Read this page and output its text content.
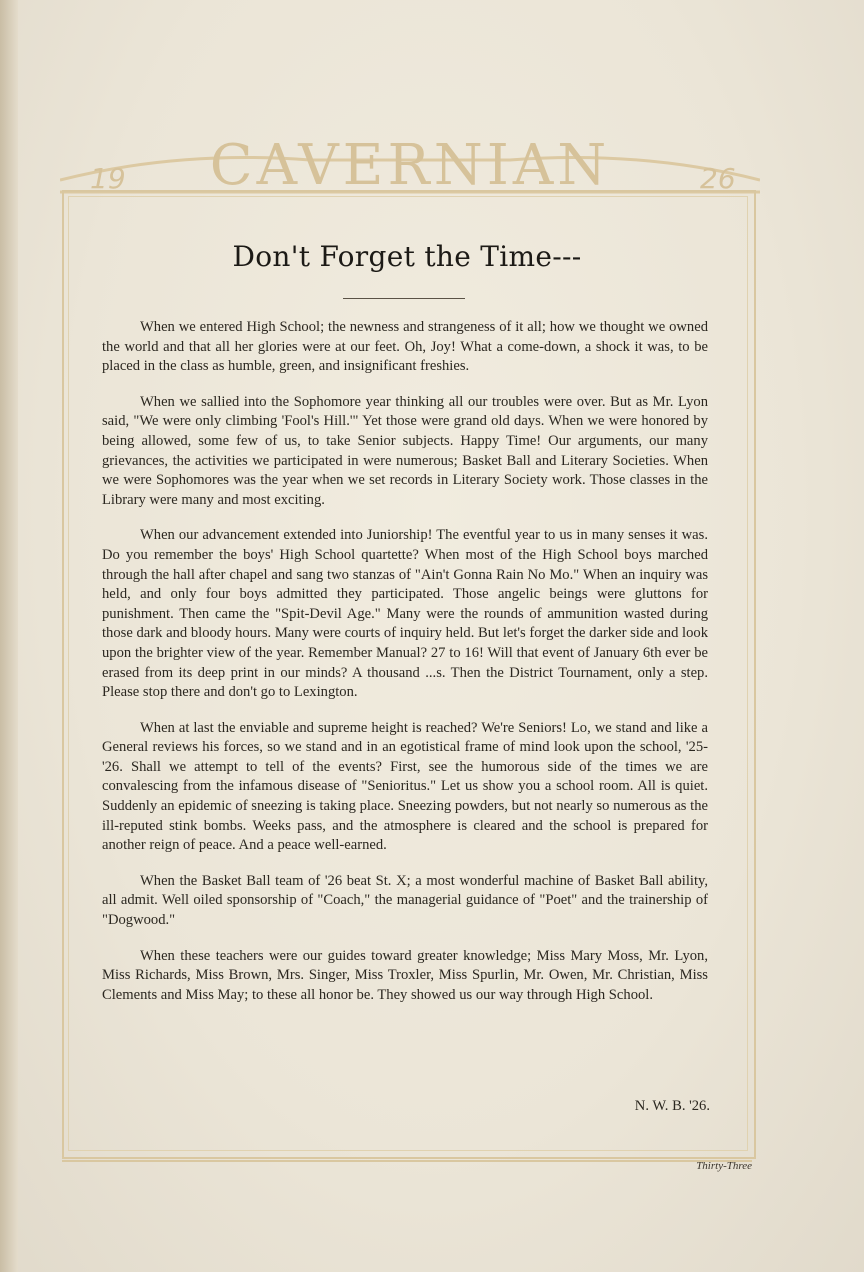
19 CAVERNIAN	26
Don't Forget the Time---

When we entered High School; the newness and strangeness of it all; how we thought we owned the world and that all her glories were at our feet. Oh, Joy! What a come-down, a shock it was, to be placed in the class as humble, green, and insignificant freshies.

When we sallied into the Sophomore year thinking all our troubles were over. But as Mr. Lyon said, "We were only climbing 'Fool's Hill.'" Yet those were grand old days. When we were honored by being allowed, some few of us, to take Senior subjects. Happy Time! Our arguments, our many grievances, the activities we participated in were numerous; Basket Ball and Literary Societies. When we were Sophomores was the year when we set records in Literary Society work. Those classes in the Library were many and most exciting.

When our advancement extended into Juniorship! The eventful year to us in many senses it was. Do you remember the boys' High School quartette? When most of the High School boys marched through the hall after chapel and sang two stanzas of "Ain't Gonna Rain No Mo." When an inquiry was held, and only four boys admitted they participated. Those angelic beings were gluttons for punishment. Then came the "Spit-Devil Age." Many were the rounds of ammunition wasted during those dark and bloody hours. Many were courts of inquiry held. But let's forget the darker side and look upon the brighter view of the year. Remember Manual? 27 to 16! Will that event of January 6th ever be erased from its deep print in our minds? A thousand ...s. Then the District Tournament, only a step. Please stop there and don't go to Lexington.

When at last the enviable and supreme height is reached? We're Seniors! Lo, we stand and like a General reviews his forces, so we stand and in an egotistical frame of mind look upon the school, '25-'26. Shall we attempt to tell of the events? First, see the humorous side of the times we are convalescing from the infamous disease of "Senioritus." Let us show you a school room. All is quiet. Suddenly an epidemic of sneezing is taking place. Sneezing powders, but not nearly so numerous as the ill-reputed stink bombs. Weeks pass, and the atmosphere is cleared and the school is prepared for another reign of peace. And a peace well-earned.

When the Basket Ball team of '26 beat St. X; a most wonderful machine of Basket Ball ability, all admit. Well oiled sponsorship of "Coach," the managerial guidance of "Poet" and the trainership of "Dogwood."

When these teachers were our guides toward greater knowledge; Miss Mary Moss, Mr. Lyon, Miss Richards, Miss Brown, Mrs. Singer, Miss Troxler, Miss Spurlin, Mr. Owen, Mr. Christian, Miss Clements and Miss May; to these all honor be. They showed us our way through High School.

N. W. B. '26.
Thirty-Three
